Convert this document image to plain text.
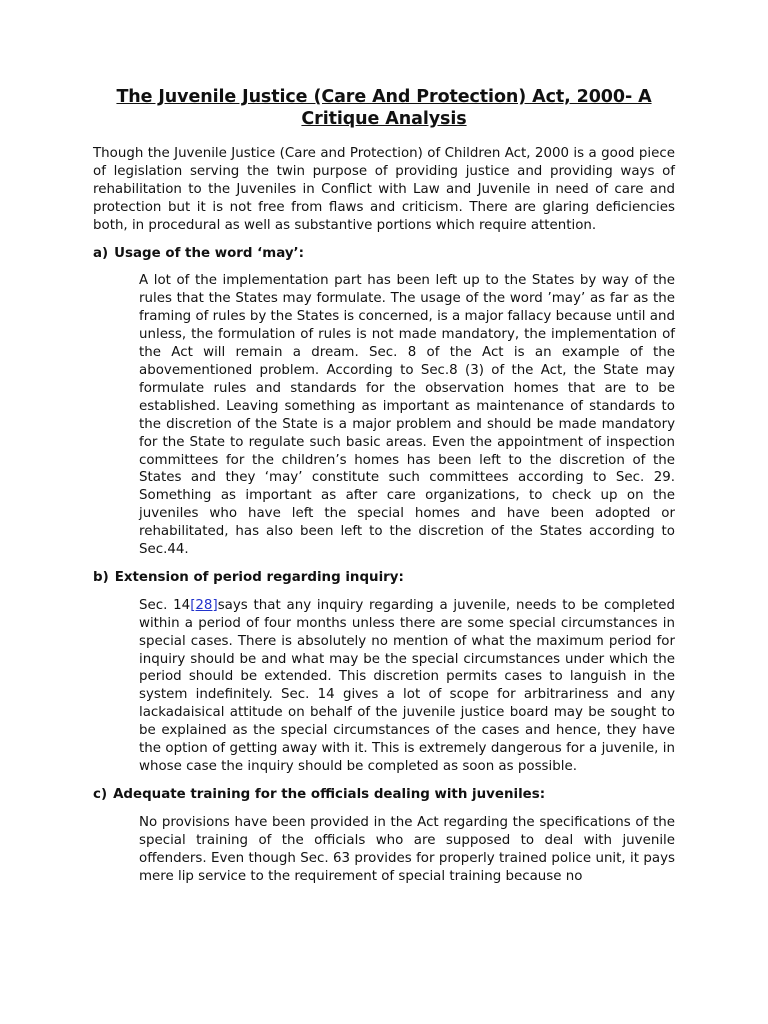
The Juvenile Justice (Care And Protection) Act, 2000- A Critique Analysis

Though the Juvenile Justice (Care and Protection) of Children Act, 2000 is a good piece of legislation serving the twin purpose of providing justice and providing ways of rehabilitation to the Juveniles in Conflict with Law and Juvenile in need of care and protection but it is not free from flaws and criticism. There are glaring deficiencies both, in procedural as well as substantive portions which require attention.

a) Usage of the word ‘may’:

A lot of the implementation part has been left up to the States by way of the rules that the States may formulate. The usage of the word ’may’ as far as the framing of rules by the States is concerned, is a major fallacy because until and unless, the formulation of rules is not made mandatory, the implementation of the Act will remain a dream. Sec. 8 of the Act is an example of the abovementioned problem. According to Sec.8 (3) of the Act, the State may formulate rules and standards for the observation homes that are to be established. Leaving something as important as maintenance of standards to the discretion of the State is a major problem and should be made mandatory for the State to regulate such basic areas. Even the appointment of inspection committees for the children’s homes has been left to the discretion of the States and they ‘may’ constitute such committees according to Sec. 29. Something as important as after care organizations, to check up on the juveniles who have left the special homes and have been adopted or rehabilitated, has also been left to the discretion of the States according to Sec.44.

b) Extension of period regarding inquiry:

Sec. 14[28]says that any inquiry regarding a juvenile, needs to be completed within a period of four months unless there are some special circumstances in special cases. There is absolutely no mention of what the maximum period for inquiry should be and what may be the special circumstances under which the period should be extended. This discretion permits cases to languish in the system indefinitely. Sec. 14 gives a lot of scope for arbitrariness and any lackadaisical attitude on behalf of the juvenile justice board may be sought to be explained as the special circumstances of the cases and hence, they have the option of getting away with it. This is extremely dangerous for a juvenile, in whose case the inquiry should be completed as soon as possible.

c) Adequate training for the officials dealing with juveniles:

No provisions have been provided in the Act regarding the specifications of the special training of the officials who are supposed to deal with juvenile offenders. Even though Sec. 63 provides for properly trained police unit, it pays mere lip service to the requirement of special training because no
